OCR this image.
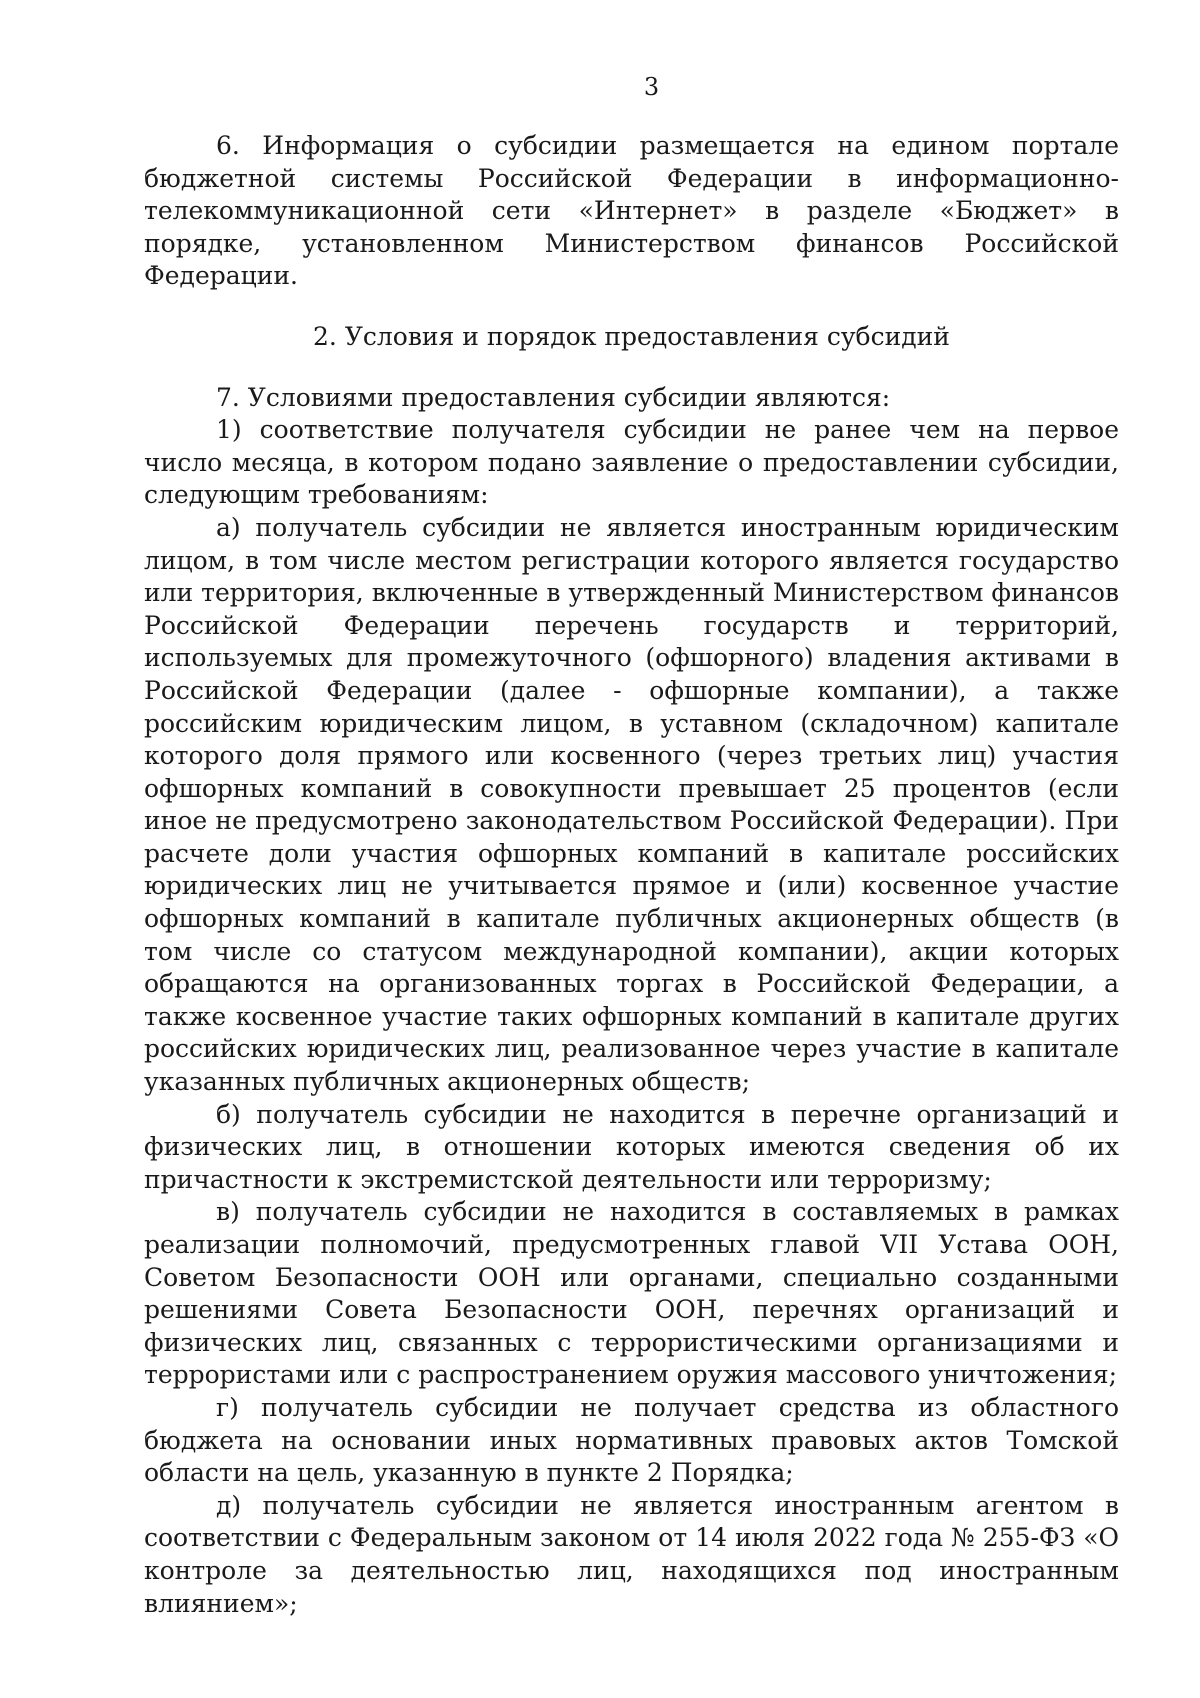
3

6. Информация о субсидии размещается на едином портале бюджетной системы Российской Федерации в информационно-телекоммуникационной сети «Интернет» в разделе «Бюджет» в порядке, установленном Министерством финансов Российской Федерации.

2. Условия и порядок предоставления субсидий

7. Условиями предоставления субсидии являются:

1) соответствие получателя субсидии не ранее чем на первое число месяца, в котором подано заявление о предоставлении субсидии, следующим требованиям:

а) получатель субсидии не является иностранным юридическим лицом, в том числе местом регистрации которого является государство или территория, включенные в утвержденный Министерством финансов Российской Федерации перечень государств и территорий, используемых для промежуточного (офшорного) владения активами в Российской Федерации (далее - офшорные компании), а также российским юридическим лицом, в уставном (складочном) капитале которого доля прямого или косвенного (через третьих лиц) участия офшорных компаний в совокупности превышает 25 процентов (если иное не предусмотрено законодательством Российской Федерации). При расчете доли участия офшорных компаний в капитале российских юридических лиц не учитывается прямое и (или) косвенное участие офшорных компаний в капитале публичных акционерных обществ (в том числе со статусом международной компании), акции которых обращаются на организованных торгах в Российской Федерации, а также косвенное участие таких офшорных компаний в капитале других российских юридических лиц, реализованное через участие в капитале указанных публичных акционерных обществ;

б) получатель субсидии не находится в перечне организаций и физических лиц, в отношении которых имеются сведения об их причастности к экстремистской деятельности или терроризму;

в) получатель субсидии не находится в составляемых в рамках реализации полномочий, предусмотренных главой VII Устава ООН, Советом Безопасности ООН или органами, специально созданными решениями Совета Безопасности ООН, перечнях организаций и физических лиц, связанных с террористическими организациями и террористами или с распространением оружия массового уничтожения;

г) получатель субсидии не получает средства из областного бюджета на основании иных нормативных правовых актов Томской области на цель, указанную в пункте 2 Порядка;

д) получатель субсидии не является иностранным агентом в соответствии с Федеральным законом от 14 июля 2022 года № 255-ФЗ «О контроле за деятельностью лиц, находящихся под иностранным влиянием»;
